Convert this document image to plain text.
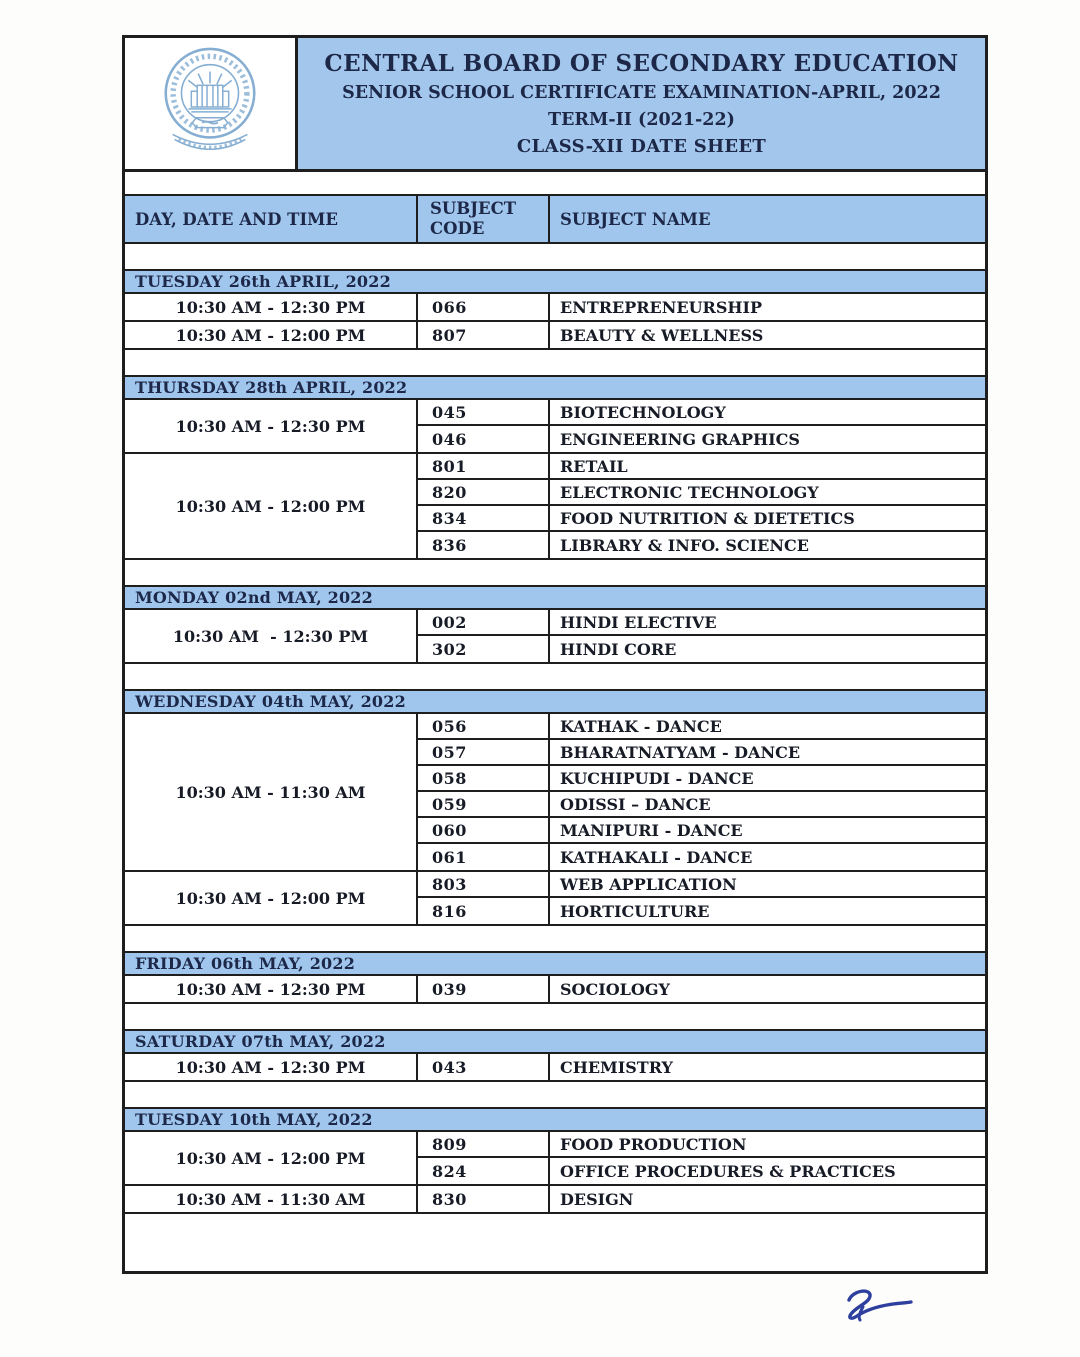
CENTRAL BOARD OF SECONDARY EDUCATION
SENIOR SCHOOL CERTIFICATE EXAMINATION-APRIL, 2022
TERM-II (2021-22)
CLASS-XII DATE SHEET
DAY, DATE AND TIME
SUBJECT CODE	SUBJECT NAME
TUESDAY 26th APRIL, 2022
10:30 AM - 12:30 PM	066	ENTREPRENEURSHIP
10:30 AM - 12:00 PM	807	BEAUTY & WELLNESS
THURSDAY 28th APRIL, 2022
10:30 AM - 12:30 PM
045	BIOTECHNOLOGY
046	ENGINEERING GRAPHICS
10:30 AM - 12:00 PM
801	RETAIL
820	ELECTRONIC TECHNOLOGY
834	FOOD NUTRITION & DIETETICS
836	LIBRARY & INFO. SCIENCE
MONDAY 02nd MAY, 2022
10:30 AM  - 12:30 PM
002	HINDI ELECTIVE
302	HINDI CORE
WEDNESDAY 04th MAY, 2022
10:30 AM - 11:30 AM
056	KATHAK - DANCE
057	BHARATNATYAM - DANCE
058	KUCHIPUDI - DANCE
059	ODISSI – DANCE
060	MANIPURI - DANCE
061	KATHAKALI - DANCE
10:30 AM - 12:00 PM
803	WEB APPLICATION
816	HORTICULTURE
FRIDAY 06th MAY, 2022
10:30 AM - 12:30 PM	039	SOCIOLOGY
SATURDAY 07th MAY, 2022
10:30 AM - 12:30 PM	043	CHEMISTRY
TUESDAY 10th MAY, 2022
10:30 AM - 12:00 PM
809	FOOD PRODUCTION
824	OFFICE PROCEDURES & PRACTICES
10:30 AM - 11:30 AM	830	DESIGN
